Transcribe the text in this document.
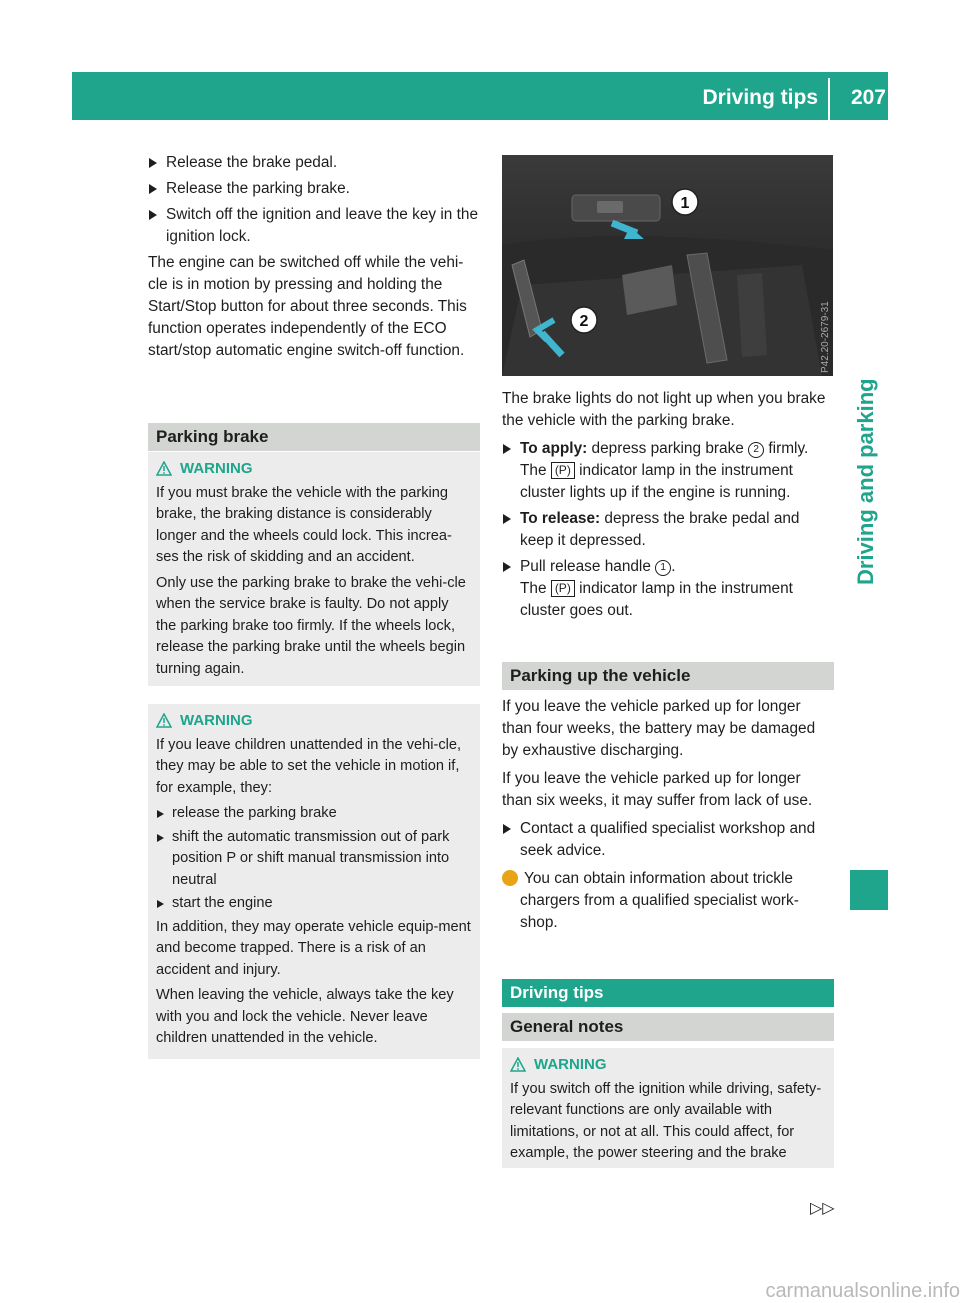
Driving tips 207
Driving and parking
Release the brake pedal.
Release the parking brake.
Switch off the ignition and leave the key in the ignition lock.

The engine can be switched off while the vehi-cle is in motion by pressing and holding the Start/Stop button for about three seconds. This function operates independently of the ECO start/stop automatic engine switch-off function.

Parking brake
WARNING

If you must brake the vehicle with the parking brake, the braking distance is considerably longer and the wheels could lock. This increa-ses the risk of skidding and an accident.

Only use the parking brake to brake the vehi-cle when the service brake is faulty. Do not apply the parking brake too firmly. If the wheels lock, release the parking brake until the wheels begin turning again.

WARNING

If you leave children unattended in the vehi-cle, they may be able to set the vehicle in motion if, for example, they:

release the parking brake
shift the automatic transmission out of park position P or shift manual transmission into neutral
start the engine

In addition, they may operate vehicle equip-ment and become trapped. There is a risk of an accident and injury.

When leaving the vehicle, always take the key with you and lock the vehicle. Never leave children unattended in the vehicle.

1
2	P42.20-2679-31

The brake lights do not light up when you brake the vehicle with the parking brake.

To apply: depress parking brake 2 firmly.
The (P) indicator lamp in the instrument cluster lights up if the engine is running.
To release: depress the brake pedal and keep it depressed.
Pull release handle 1 .
The (P) indicator lamp in the instrument cluster goes out.
Parking up the vehicle

If you leave the vehicle parked up for longer than four weeks, the battery may be damaged by exhaustive discharging.

If you leave the vehicle parked up for longer than six weeks, it may suffer from lack of use.

Contact a qualified specialist workshop and seek advice.

i You can obtain information about trickle chargers from a qualified specialist work-shop.

Driving tips
General notes
WARNING

If you switch off the ignition while driving, safety-relevant functions are only available with limitations, or not at all. This could affect, for example, the power steering and the brake

▷▷
carmanualsonline.info
